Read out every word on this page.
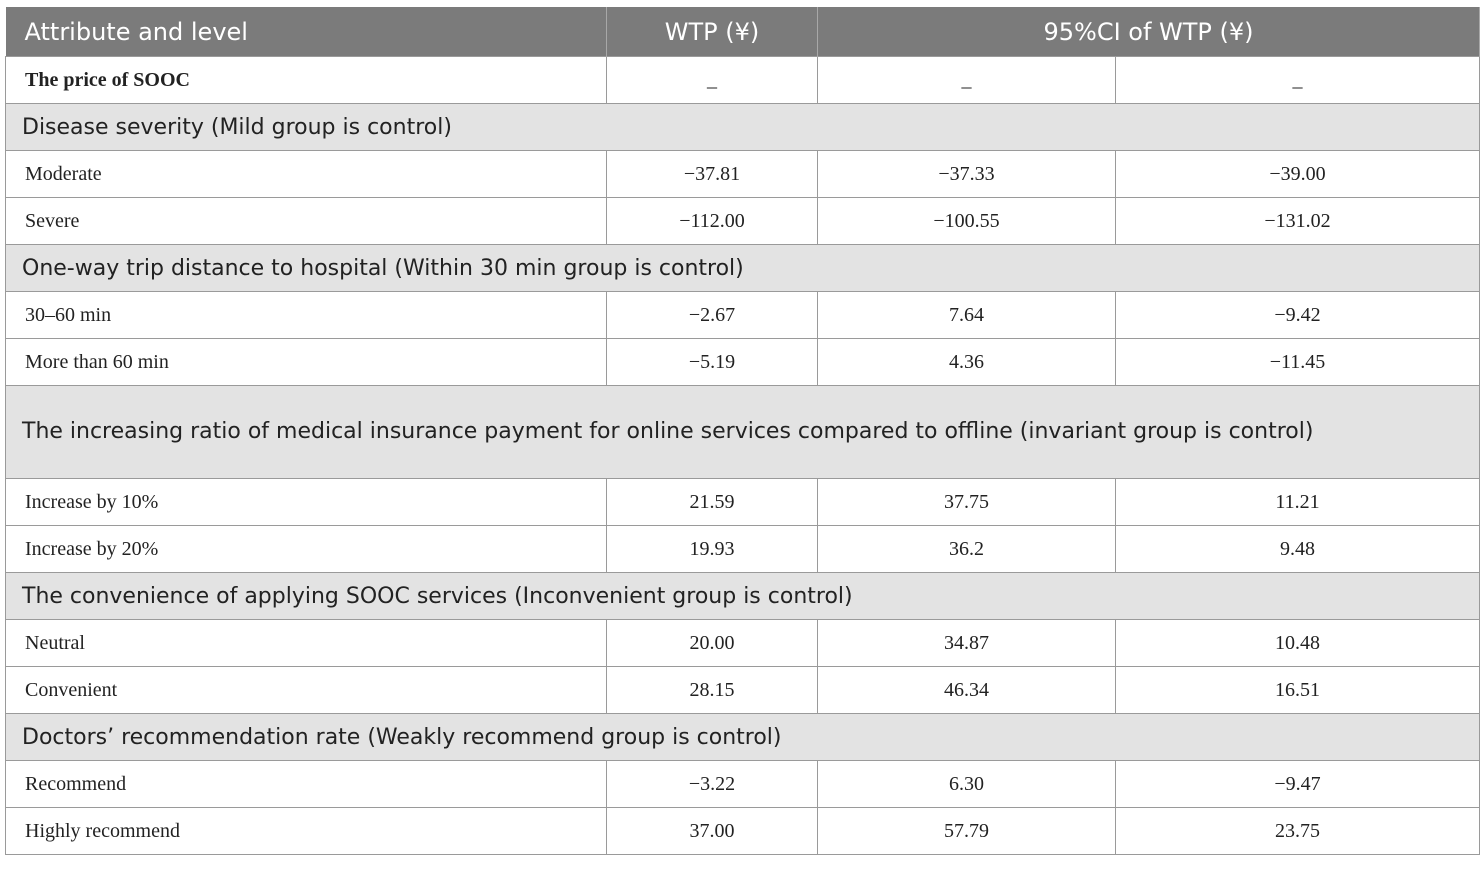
Attribute and level	WTP (¥)	95%CI of WTP (¥)	
The price of SOOC	_	_	_
Disease severity (Mild group is control)			
Moderate	−37.81	−37.33	−39.00
Severe	−112.00	−100.55	−131.02
One-way trip distance to hospital (Within 30 min group is control)			
30–60 min	−2.67	7.64	−9.42
More than 60 min	−5.19	4.36	−11.45
The increasing ratio of medical insurance payment for online services compared to offline (invariant group is control)			
Increase by 10%	21.59	37.75	11.21
Increase by 20%	19.93	36.2	9.48
The convenience of applying SOOC services (Inconvenient group is control)			
Neutral	20.00	34.87	10.48
Convenient	28.15	46.34	16.51
Doctors’ recommendation rate (Weakly recommend group is control)			
Recommend	−3.22	6.30	−9.47
Highly recommend	37.00	57.79	23.75
